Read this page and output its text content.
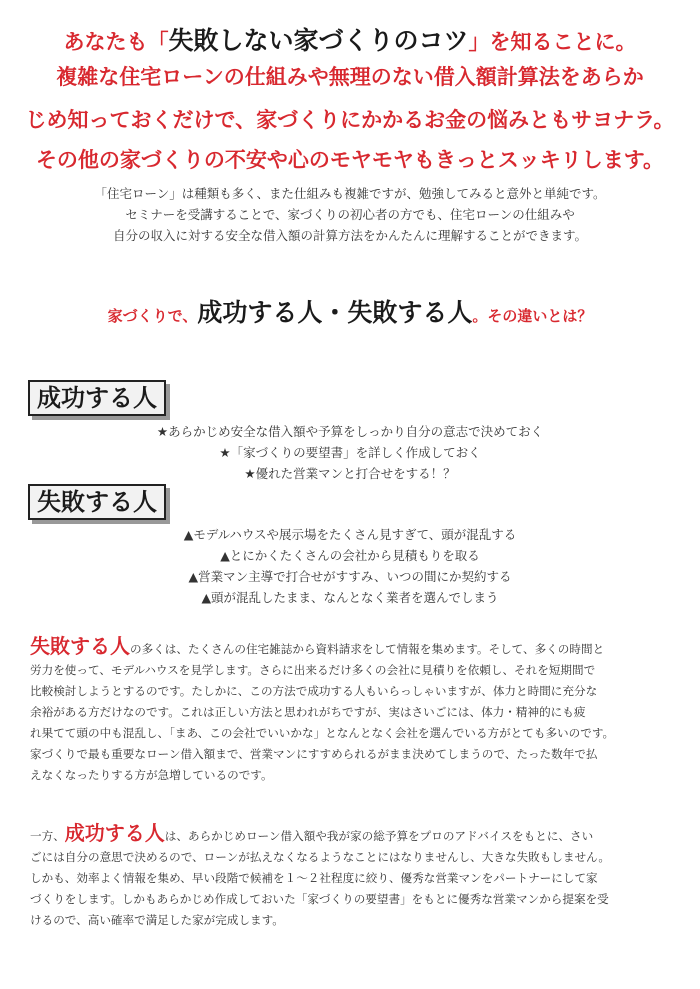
あなたも「失敗しない家づくりのコツ」を知ることに。

複雑な住宅ローンの仕組みや無理のない借入額計算法をあらか

じめ知っておくだけで、家づくりにかかるお金の悩みともサヨナラ。

その他の家づくりの不安や心のモヤモヤもきっとスッキリします。

「住宅ローン」は種類も多く、また仕組みも複雑ですが、勉強してみると意外と単純です。

セミナーを受講することで、家づくりの初心者の方でも、住宅ローンの仕組みや

自分の収入に対する安全な借入額の計算方法をかんたんに理解することができます。

家づくりで、成功する人・失敗する人。その違いとは？
成功する人

★あらかじめ安全な借入額や予算をしっかり自分の意志で決めておく

★「家づくりの要望書」を詳しく作成しておく

★優れた営業マンと打合せをする！？

失敗する人

▲モデルハウスや展示場をたくさん見すぎて、頭が混乱する

▲とにかくたくさんの会社から見積もりを取る

▲営業マン主導で打合せがすすみ、いつの間にか契約する

▲頭が混乱したまま、なんとなく業者を選んでしまう

失敗する人の多くは、たくさんの住宅雑誌から資料請求をして情報を集めます。そして、多くの時間と

労力を使って、モデルハウスを見学します。さらに出来るだけ多くの会社に見積りを依頼し、それを短期間で

比較検討しようとするのです。たしかに、この方法で成功する人もいらっしゃいますが、体力と時間に充分な

余裕がある方だけなのです。これは正しい方法と思われがちですが、実はさいごには、体力・精神的にも疲

れ果てて頭の中も混乱し、「まあ、この会社でいいかな」となんとなく会社を選んでいる方がとても多いのです。

家づくりで最も重要なローン借入額まで、営業マンにすすめられるがまま決めてしまうので、たった数年で払

えなくなったりする方が急増しているのです。

一方、成功する人は、あらかじめローン借入額や我が家の総予算をプロのアドバイスをもとに、さい

ごには自分の意思で決めるので、ローンが払えなくなるようなことにはなりませんし、大きな失敗もしません。

しかも、効率よく情報を集め、早い段階で候補を１～２社程度に絞り、優秀な営業マンをパートナーにして家

づくりをします。しかもあらかじめ作成しておいた「家づくりの要望書」をもとに優秀な営業マンから提案を受

けるので、高い確率で満足した家が完成します。
